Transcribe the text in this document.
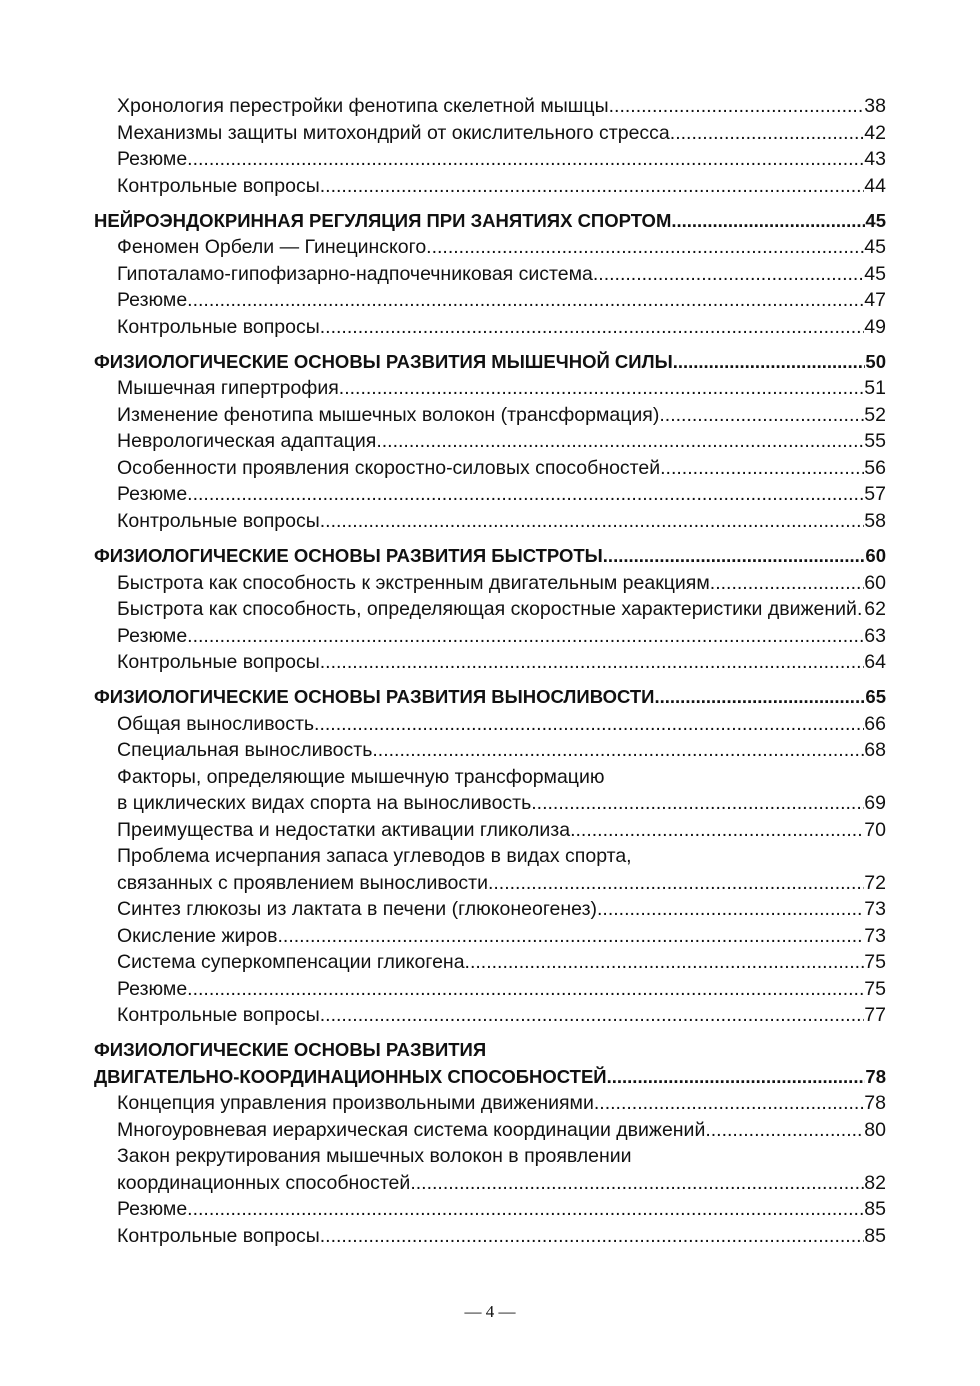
Хронология перестройки фенотипа скелетной мышцы .....	38
Механизмы защиты митохондрий от окислительного стресса .....	42
Резюме .....	43
Контрольные вопросы .....	44
НЕЙРОЭНДОКРИННАЯ РЕГУЛЯЦИЯ ПРИ ЗАНЯТИЯХ СПОРТОМ .....	45
Феномен Орбели — Гинецинского .....	45
Гипоталамо-гипофизарно-надпочечниковая система .....	45
Резюме .....	47
Контрольные вопросы .....	49
ФИЗИОЛОГИЧЕСКИЕ ОСНОВЫ РАЗВИТИЯ МЫШЕЧНОЙ СИЛЫ .....	50
Мышечная гипертрофия .....	51
Изменение фенотипа мышечных волокон (трансформация) .....	52
Неврологическая адаптация .....	55
Особенности проявления скоростно-силовых способностей .....	56
Резюме .....	57
Контрольные вопросы .....	58
ФИЗИОЛОГИЧЕСКИЕ ОСНОВЫ РАЗВИТИЯ БЫСТРОТЫ .....	60
Быстрота как способность к экстренным двигательным реакциям .....	60
Быстрота как способность, определяющая скоростные характеристики движений ..... 62
Резюме .....	63
Контрольные вопросы .....	64
ФИЗИОЛОГИЧЕСКИЕ ОСНОВЫ РАЗВИТИЯ ВЫНОСЛИВОСТИ .....	65
Общая выносливость .....	66
Специальная выносливость .....	68
Факторы, определяющие мышечную трансформацию
в циклических видах спорта на выносливость .....	69
Преимущества и недостатки активации гликолиза .....	70
Проблема исчерпания запаса углеводов в видах спорта,
связанных с проявлением выносливости .....	72
Синтез глюкозы из лактата в печени (глюконеогенез) .....	73
Окисление жиров .....	73
Система суперкомпенсации гликогена .....	75
Резюме .....	75
Контрольные вопросы .....	77
ФИЗИОЛОГИЧЕСКИЕ ОСНОВЫ РАЗВИТИЯ
ДВИГАТЕЛЬНО-КООРДИНАЦИОННЫХ СПОСОБНОСТЕЙ .....	78
Концепция управления произвольными движениями .....	78
Многоуровневая иерархическая система координации движений .....	80
Закон рекрутирования мышечных волокон в проявлении
координационных способностей .....	82
Резюме .....	85
Контрольные вопросы .....	85
— 4 —
